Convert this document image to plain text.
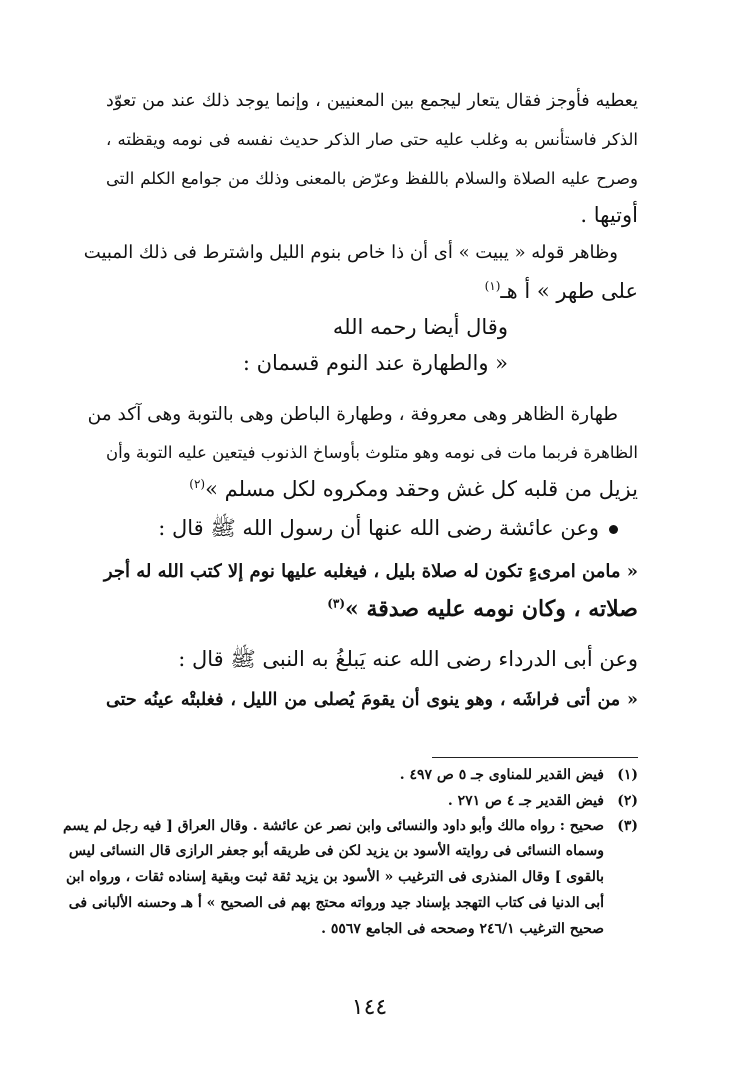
يعطيه فأوجز فقال يتعار ليجمع بين المعنيين ، وإنما يوجد ذلك عند من تعوّد
الذكر فاستأنس به وغلب عليه حتى صار الذكر حديث نفسه فى نومه ويقظته ،
وصرح عليه الصلاة والسلام باللفظ وعرّض بالمعنى وذلك من جوامع الكلم التى
أوتيها .
وظاهر قوله « يبيت » أى أن ذا خاص بنوم الليل واشترط فى ذلك المبيت
على طهر » أ هـ$^{(١)}$
وقال أيضا رحمه الله
« والطهارة عند النوم قسمان :
طهارة الظاهر وهى معروفة ، وطهارة الباطن وهى بالتوبة وهى آكد من
الظاهرة فربما مات فى نومه وهو متلوث بأوساخ الذنوب فيتعين عليه التوبة وأن
يزيل من قلبه كل غش وحقد ومكروه لكل مسلم »$^{(٢)}$
وعن عائشة رضى الله عنها أن رسول الله ﷺ قال :
« مامن امرىءٍ تكون له صلاة بليل ، فيغلبه عليها نوم إلا كتب الله له أجر
صلاته ، وكان نومه عليه صدقة »$^{(٣)}$
وعن أبى الدرداء رضى الله عنه يَبلغُ به النبى ﷺ قال :
« من أتى فراشَه ، وهو ينوى أن يقومَ يُصلى من الليل ، فغلبتْه عينُه حتى
(١)فيض القدير للمناوى جـ ٥ ص ٤٩٧ .
(٢)فيض القدير جـ ٤ ص ٢٧١ .
(٣)صحيح : رواه مالك وأبو داود والنسائى وابن نصر عن عائشة . وقال العراق [ فيه رجل لم يسم
وسماه النسائى فى روايته الأسود بن يزيد لكن فى طريقه أبو جعفر الرازى قال النسائى ليس
بالقوى ] وقال المنذرى فى الترغيب « الأسود بن يزيد ثقة ثبت وبقية إسناده ثقات ، ورواه ابن
أبى الدنيا فى كتاب التهجد بإسناد جيد ورواته محتج بهم فى الصحيح » أ هـ وحسنه الألبانى فى
صحيح الترغيب ٢٤٦/١ وصححه فى الجامع ٥٥٦٧ .
١٤٤
